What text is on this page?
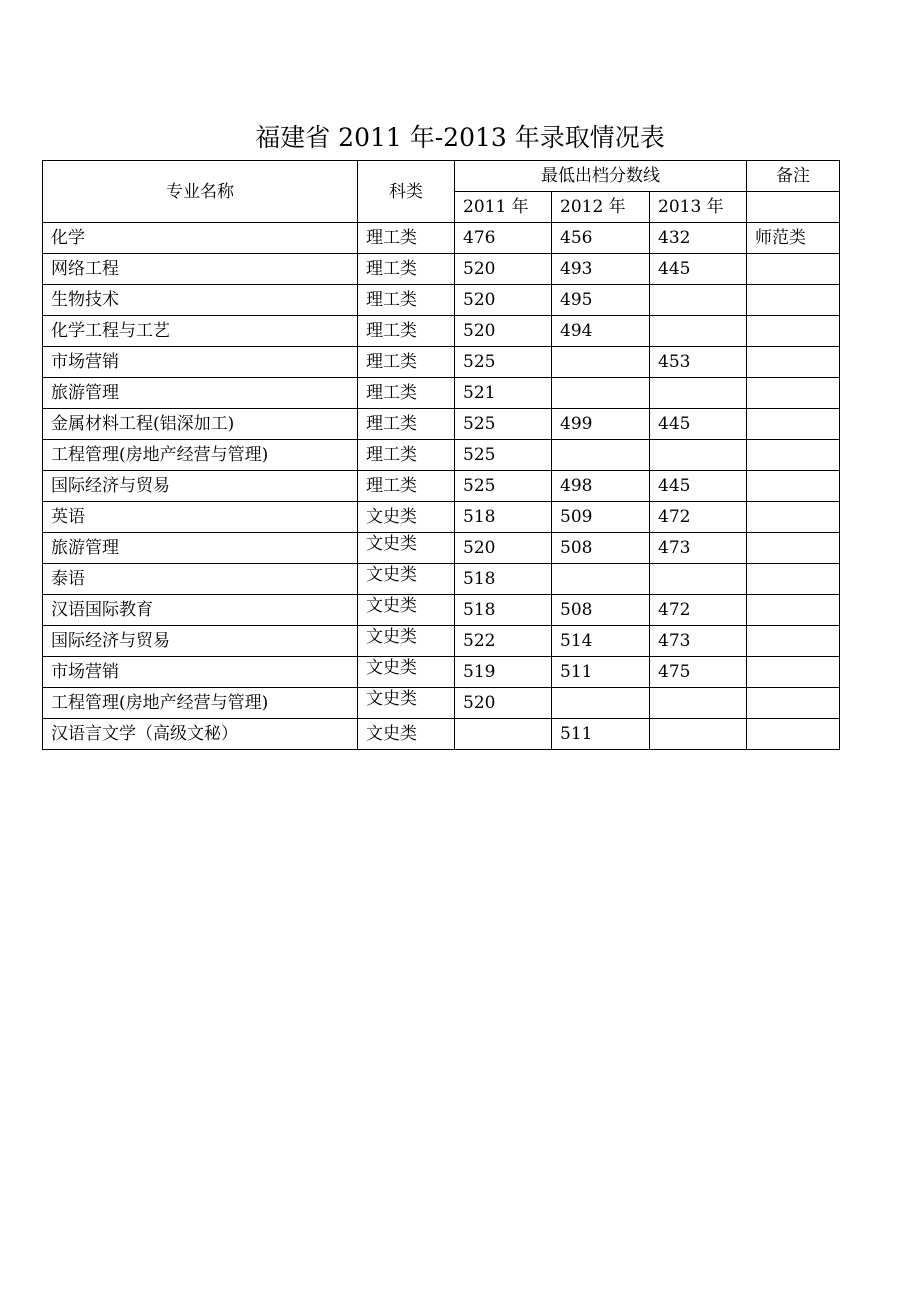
福建省 2011 年-2013 年录取情况表
专业名称	科类	最低出档分数线			备注
		2011 年	2012 年	2013 年	
化学	理工类	476	456	432	师范类
网络工程	理工类	520	493	445	
生物技术	理工类	520	495		
化学工程与工艺	理工类	520	494		
市场营销	理工类	525		453	
旅游管理	理工类	521			
金属材料工程(铝深加工)	理工类	525	499	445	
工程管理(房地产经营与管理)	理工类	525			
国际经济与贸易	理工类	525	498	445	
英语	文史类	518	509	472	
旅游管理	文史类	520	508	473	
泰语	文史类	518			
汉语国际教育	文史类	518	508	472	
国际经济与贸易	文史类	522	514	473	
市场营销	文史类	519	511	475	
工程管理(房地产经营与管理)	文史类	520			
汉语言文学（高级文秘）	文史类		511		
